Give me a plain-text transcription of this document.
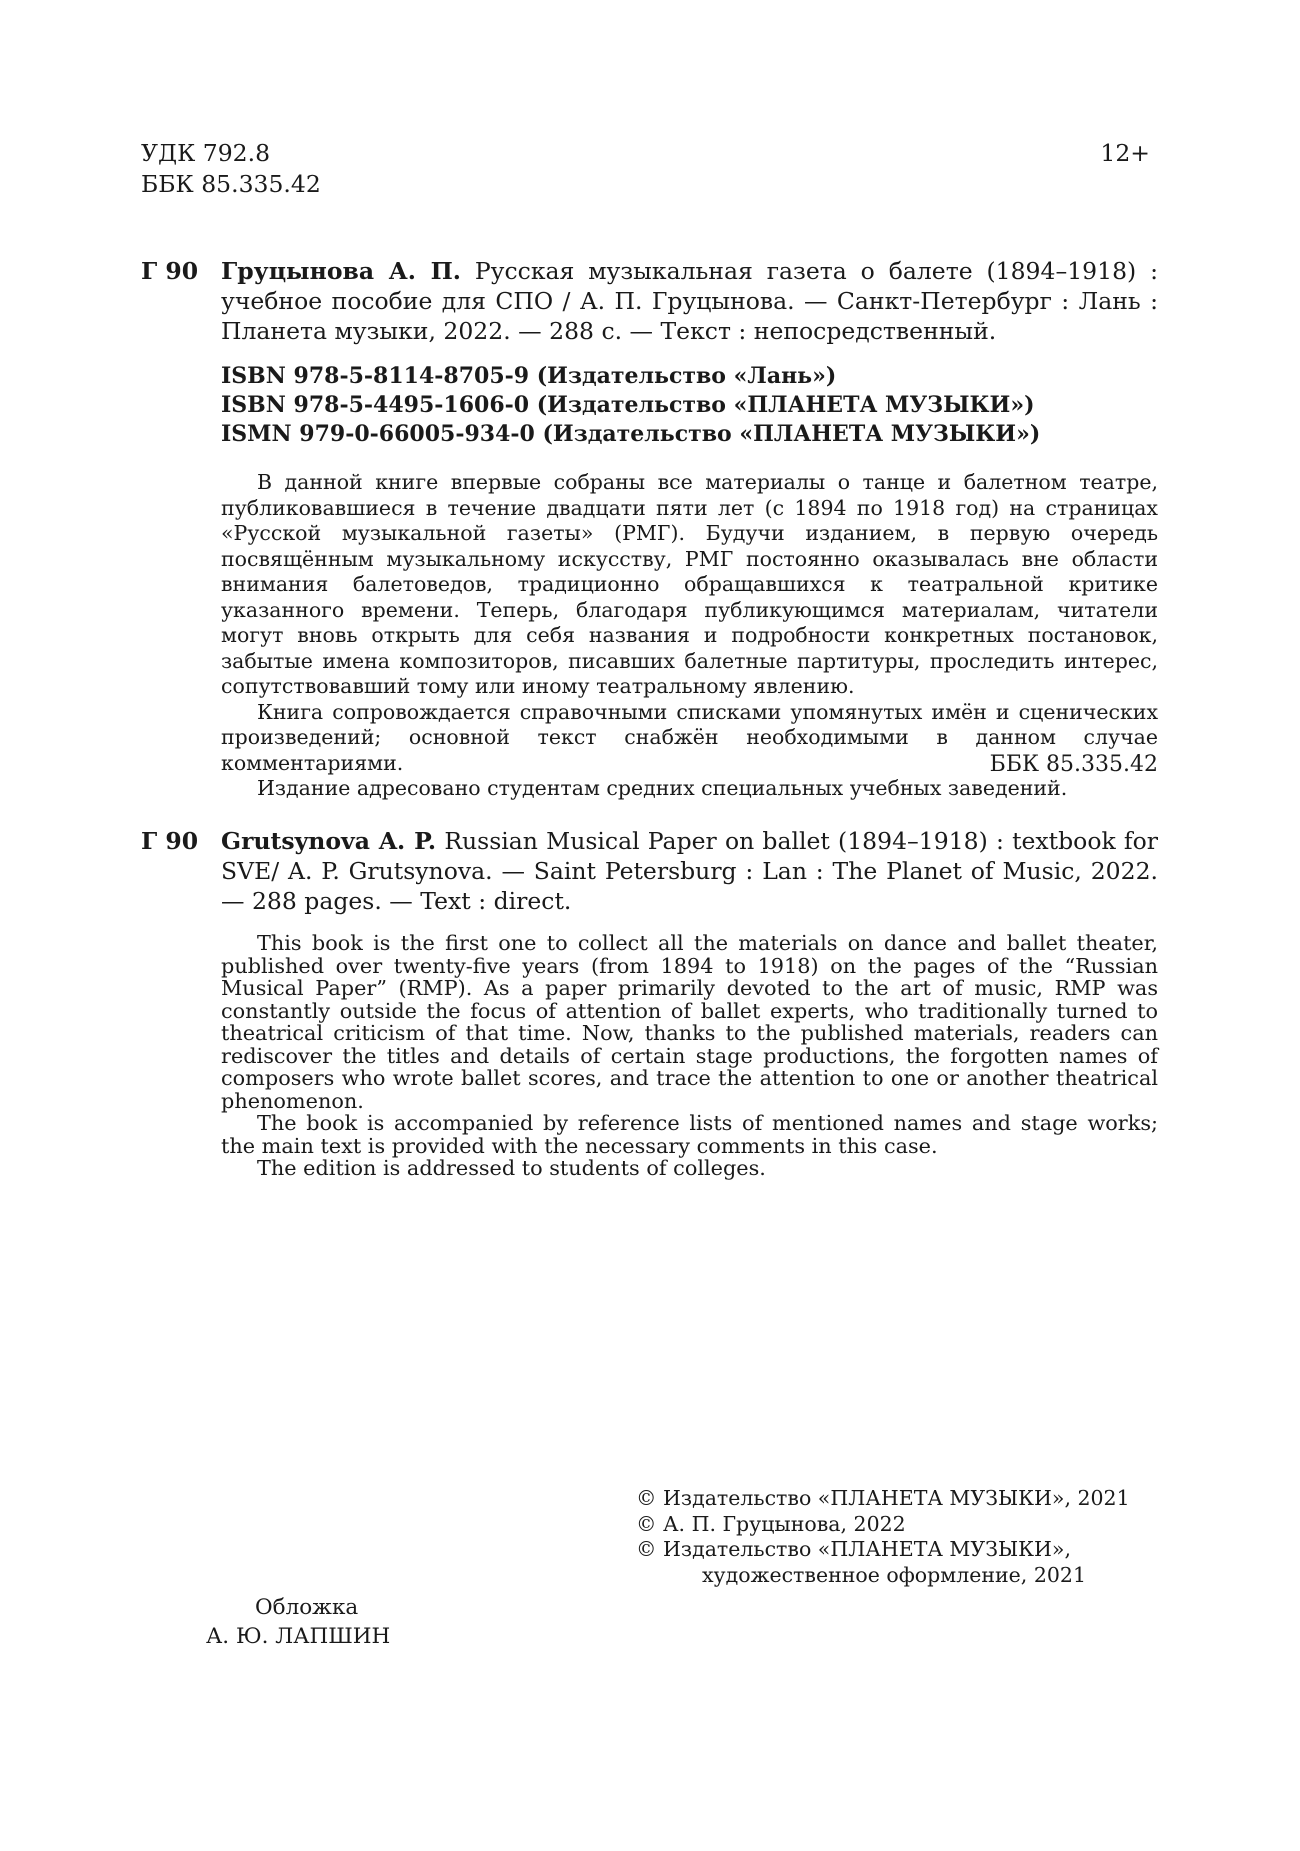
УДК 792.8
ББК 85.335.42
12+
Г 90 Груцынова А. П. Русская музыкальная газета о балете (1894–1918) : учебное пособие для СПО / А. П. Груцынова. — Санкт-Петербург : Лань : Планета музыки, 2022. — 288 с. — Текст : непосредственный.
ISBN 978-5-8114-8705-9 (Издательство «Лань»)
ISBN 978-5-4495-1606-0 (Издательство «ПЛАНЕТА МУЗЫКИ»)
ISMN 979-0-66005-934-0 (Издательство «ПЛАНЕТА МУЗЫКИ»)

В данной книге впервые собраны все материалы о танце и балетном театре, публиковавшиеся в течение двадцати пяти лет (с 1894 по 1918 год) на страницах «Русской музыкальной газеты» (РМГ). Будучи изданием, в первую очередь посвящённым музыкальному искусству, РМГ постоянно оказывалась вне области внимания балетоведов, традиционно обращавшихся к театральной критике указанного времени. Теперь, благодаря публикующимся материалам, читатели могут вновь открыть для себя названия и подробности конкретных постановок, забытые имена композиторов, писавших балетные партитуры, проследить интерес, сопутствовавший тому или иному театральному явлению.

Книга сопровождается справочными списками упомянутых имён и сценических произведений; основной текст снабжён необходимыми в данном случае комментариями.

Издание адресовано студентам средних специальных учебных заведений.

ББК 85.335.42
Г 90 Grutsynova A. P. Russian Musical Paper on ballet (1894–1918) : textbook for SVE/ A. P. Grutsynova. — Saint Petersburg : Lan : The Planet of Music, 2022. — 288 pages. — Text : direct.

This book is the first one to collect all the materials on dance and ballet theater, published over twenty-five years (from 1894 to 1918) on the pages of the “Russian Musical Paper” (RMP). As a paper primarily devoted to the art of music, RMP was constantly outside the focus of attention of ballet experts, who traditionally turned to theatrical criticism of that time. Now, thanks to the published materials, readers can rediscover the titles and details of certain stage productions, the forgotten names of composers who wrote ballet scores, and trace the attention to one or another theatrical phenomenon.

The book is accompanied by reference lists of mentioned names and stage works; the main text is provided with the necessary comments in this case.

The edition is addressed to students of colleges.

© Издательство «ПЛАНЕТА МУЗЫКИ», 2021
© А. П. Груцынова, 2022
© Издательство «ПЛАНЕТА МУЗЫКИ»,
художественное оформление, 2021
Обложка
А. Ю. ЛАПШИН
